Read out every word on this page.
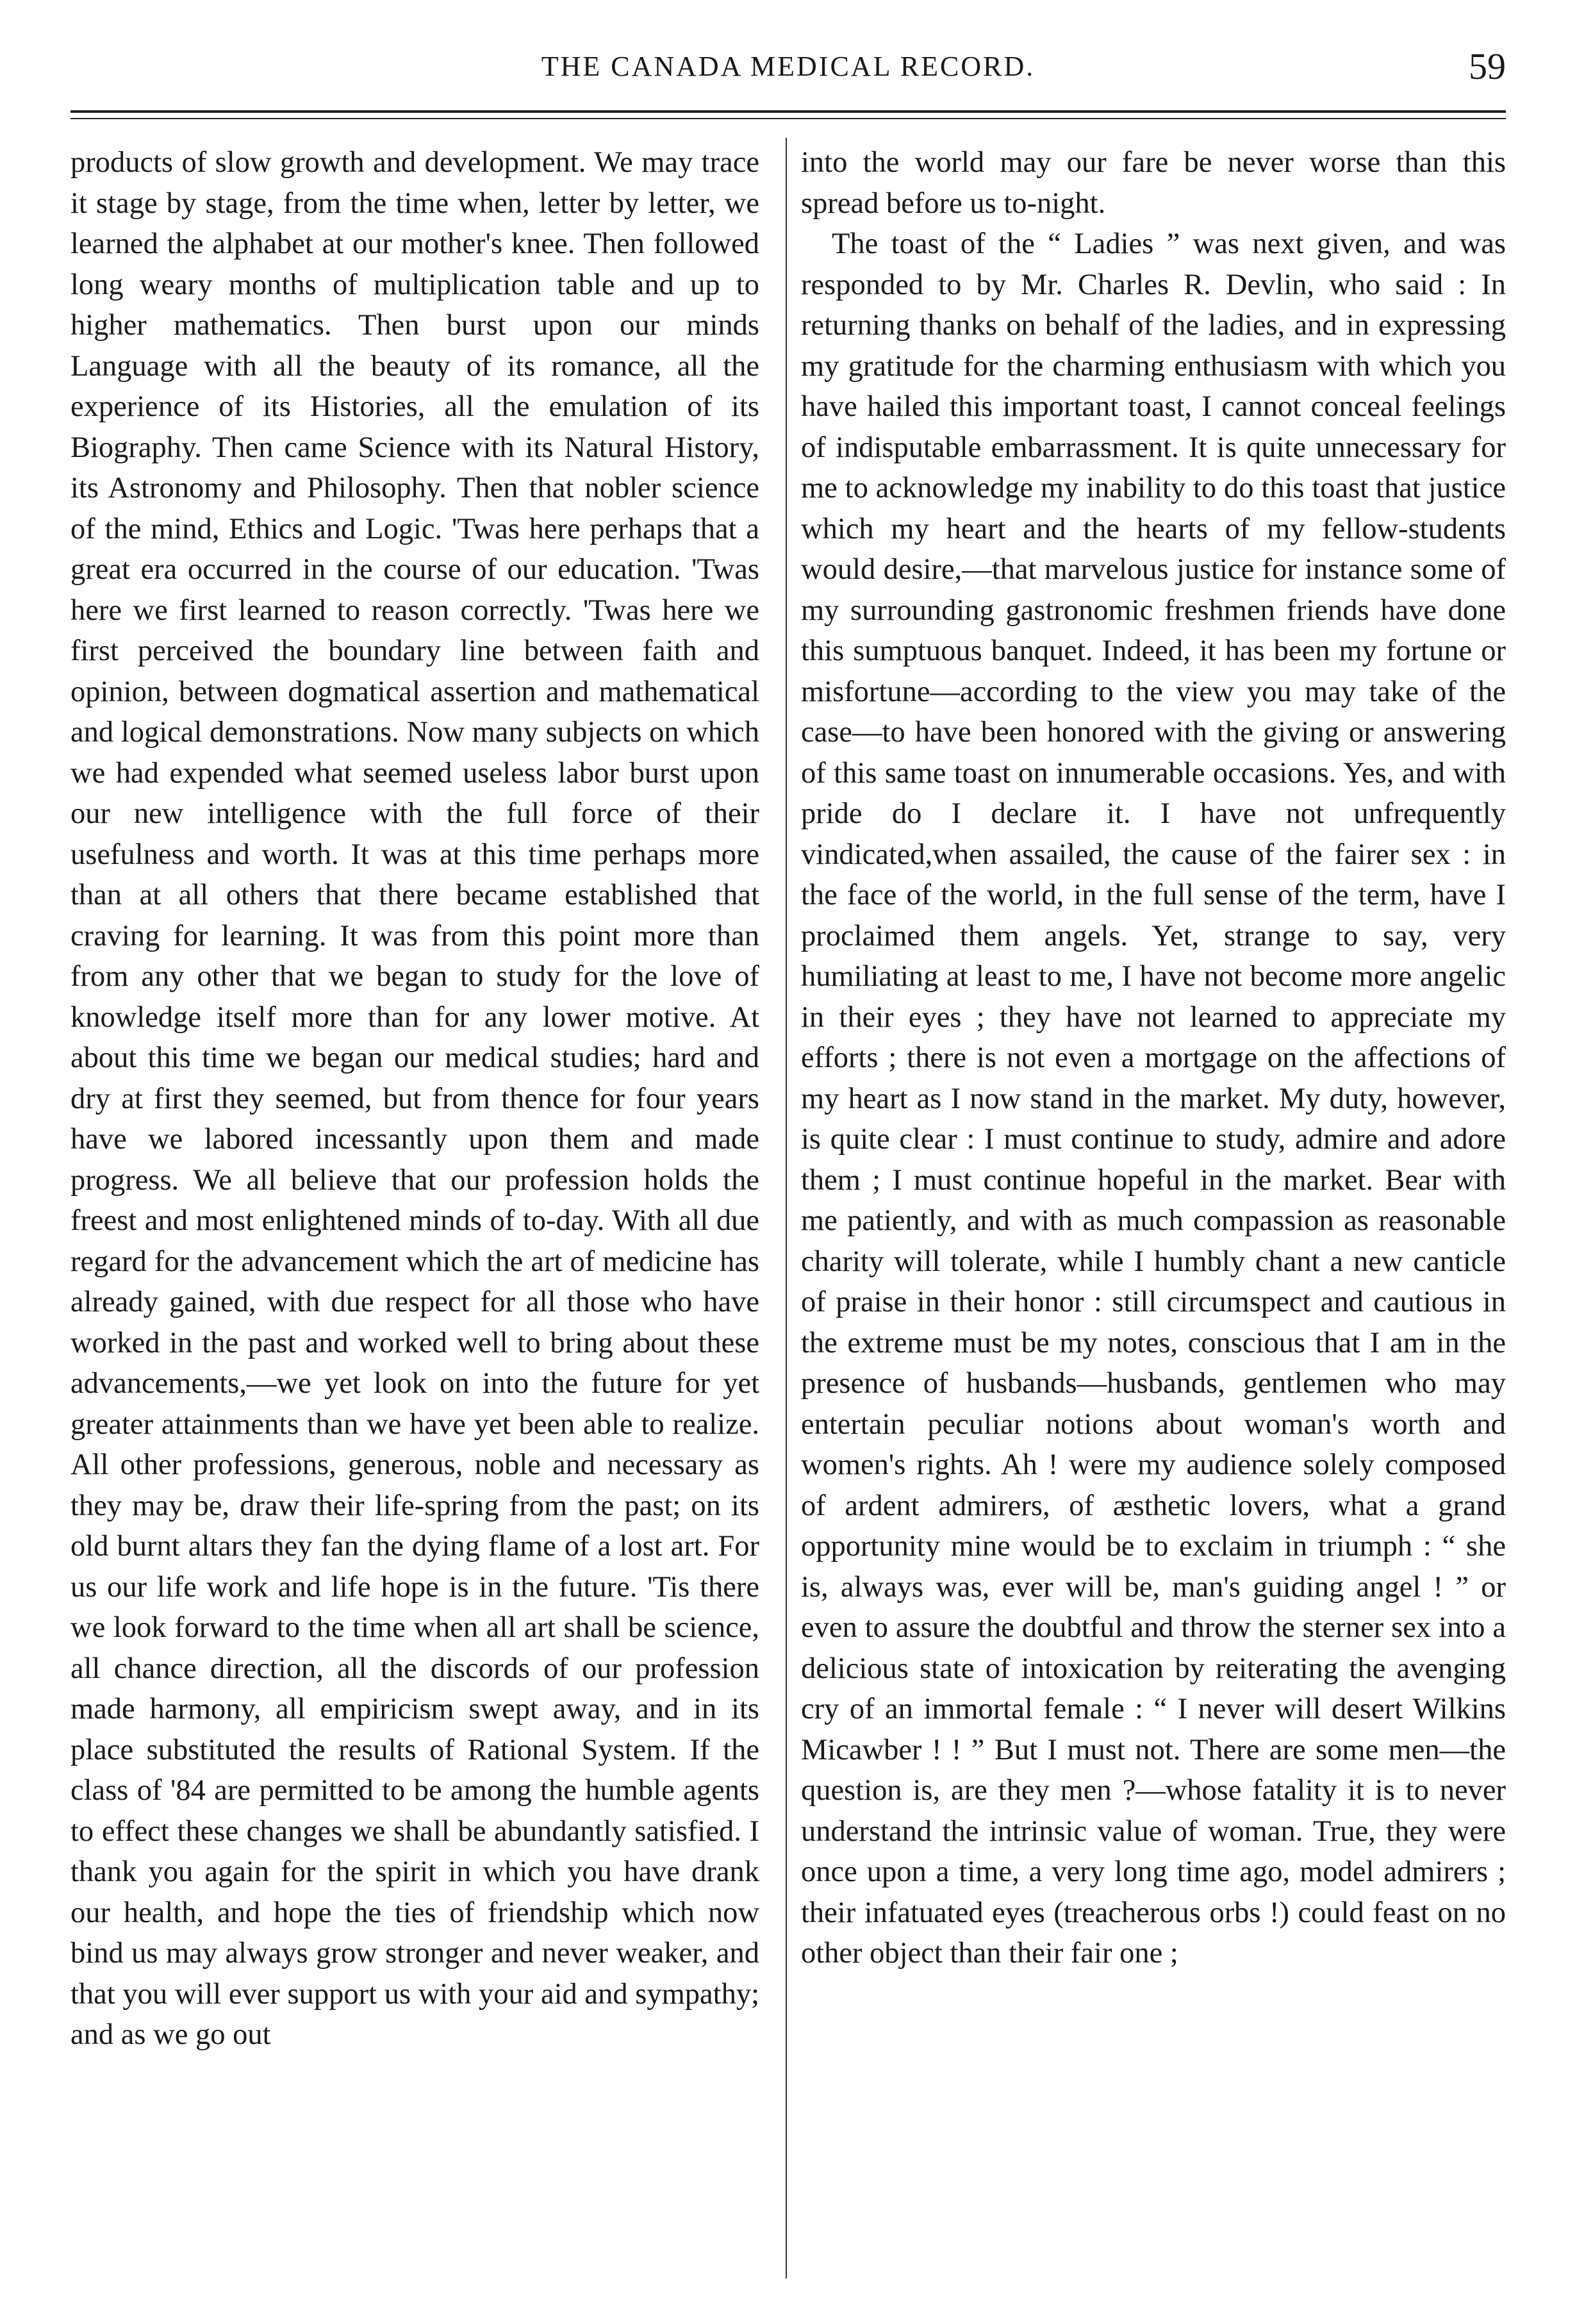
THE CANADA MEDICAL RECORD.	59

products of slow growth and development. We may trace it stage by stage, from the time when, letter by letter, we learned the alphabet at our mother's knee. Then followed long weary months of multiplication table and up to higher mathematics. Then burst upon our minds Language with all the beauty of its romance, all the experience of its Histories, all the emulation of its Biography. Then came Science with its Natural History, its Astronomy and Philosophy. Then that nobler science of the mind, Ethics and Logic. 'Twas here perhaps that a great era occurred in the course of our education. 'Twas here we first learned to reason correctly. 'Twas here we first perceived the boundary line between faith and opinion, between dogmatical assertion and mathematical and logical demonstrations. Now many subjects on which we had expended what seemed useless labor burst upon our new intelligence with the full force of their usefulness and worth. It was at this time perhaps more than at all others that there became established that craving for learning. It was from this point more than from any other that we began to study for the love of knowledge itself more than for any lower motive. At about this time we began our medical studies; hard and dry at first they seemed, but from thence for four years have we labored incessantly upon them and made progress. We all believe that our profession holds the freest and most enlightened minds of to-day. With all due regard for the advancement which the art of medicine has already gained, with due respect for all those who have worked in the past and worked well to bring about these advancements,—we yet look on into the future for yet greater attainments than we have yet been able to realize. All other professions, generous, noble and necessary as they may be, draw their life-spring from the past; on its old burnt altars they fan the dying flame of a lost art. For us our life work and life hope is in the future. 'Tis there we look forward to the time when all art shall be science, all chance direction, all the discords of our profession made harmony, all empiricism swept away, and in its place substituted the results of Rational System. If the class of '84 are permitted to be among the humble agents to effect these changes we shall be abundantly satisfied. I thank you again for the spirit in which you have drank our health, and hope the ties of friendship which now bind us may always grow stronger and never weaker, and that you will ever support us with your aid and sympathy; and as we go out

into the world may our fare be never worse than this spread before us to-night.

The toast of the “ Ladies ” was next given, and was responded to by Mr. Charles R. Devlin, who said : In returning thanks on behalf of the ladies, and in expressing my gratitude for the charming enthusiasm with which you have hailed this important toast, I cannot conceal feelings of indisputable embarrassment. It is quite unnecessary for me to acknowledge my inability to do this toast that justice which my heart and the hearts of my fellow-students would desire,—that marvelous justice for instance some of my surrounding gastronomic freshmen friends have done this sumptuous banquet. Indeed, it has been my fortune or misfortune—according to the view you may take of the case—to have been honored with the giving or answering of this same toast on innumerable occasions. Yes, and with pride do I declare it. I have not unfrequently vindicated,when assailed, the cause of the fairer sex : in the face of the world, in the full sense of the term, have I proclaimed them angels. Yet, strange to say, very humiliating at least to me, I have not become more angelic in their eyes ; they have not learned to appreciate my efforts ; there is not even a mortgage on the affections of my heart as I now stand in the market. My duty, however, is quite clear : I must continue to study, admire and adore them ; I must continue hopeful in the market. Bear with me patiently, and with as much compassion as reasonable charity will tolerate, while I humbly chant a new canticle of praise in their honor : still circumspect and cautious in the extreme must be my notes, conscious that I am in the presence of husbands—husbands, gentlemen who may entertain peculiar notions about woman's worth and women's rights. Ah ! were my audience solely composed of ardent admirers, of æsthetic lovers, what a grand opportunity mine would be to exclaim in triumph : “ she is, always was, ever will be, man's guiding angel ! ” or even to assure the doubtful and throw the sterner sex into a delicious state of intoxication by reiterating the avenging cry of an immortal female : “ I never will desert Wilkins Micawber ! ! ” But I must not. There are some men—the question is, are they men ?—whose fatality it is to never understand the intrinsic value of woman. True, they were once upon a time, a very long time ago, model admirers ; their infatuated eyes (treacherous orbs !) could feast on no other object than their fair one ;
